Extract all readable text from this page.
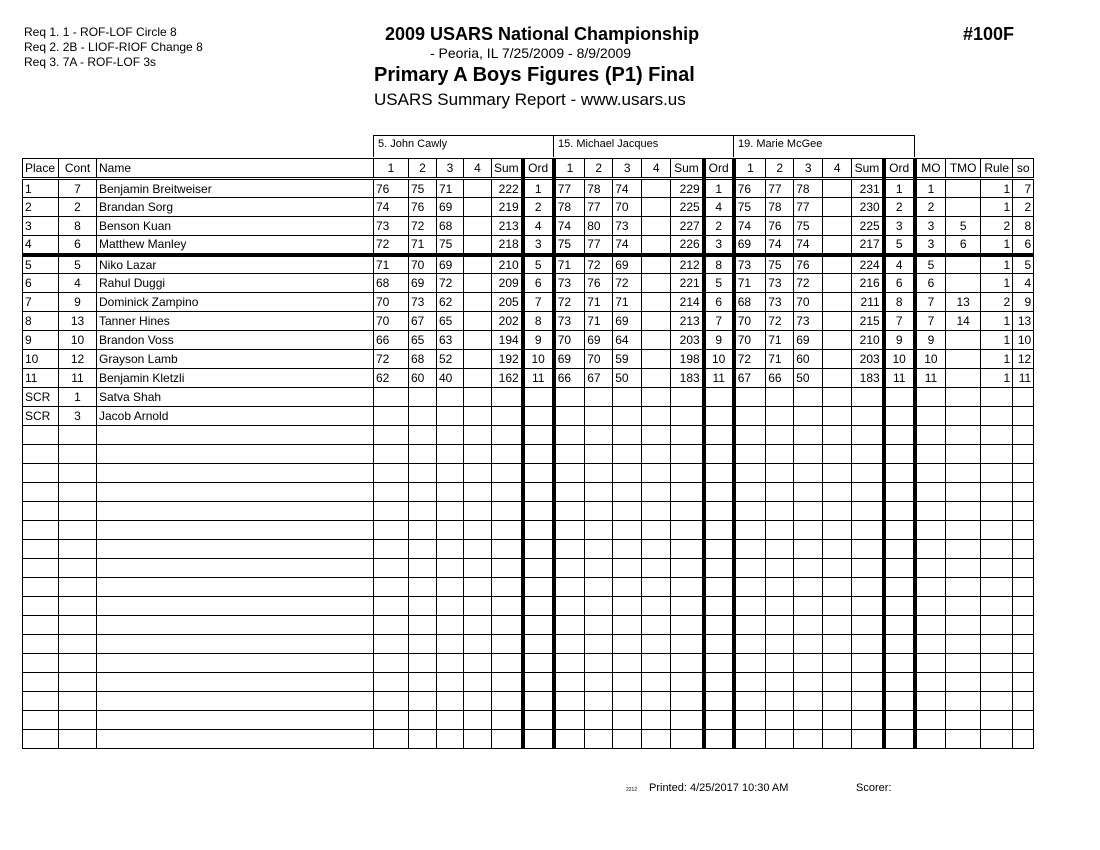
Req 1. 1 - ROF-LOF Circle 8
Req 2. 2B - LIOF-RIOF Change 8
Req 3. 7A - ROF-LOF 3s
2009 USARS National Championship
- Peoria, IL 7/25/2009 - 8/9/2009
Primary A Boys Figures (P1) Final
USARS Summary Report - www.usars.us
#100F
5. John Cawly	15. Michael Jacques	19. Marie McGee
Place	Cont	Name	1	2	3	4	Sum	Ord	1	2	3	4	Sum	Ord	1	2	3	4	Sum	Ord	MO	TMO	Rule	so
1	7	Benjamin Breitweiser	76	75	71		222	1	77	78	74		229	1	76	77	78		231	1	1		1	7
2	2	Brandan Sorg	74	76	69		219	2	78	77	70		225	4	75	78	77		230	2	2		1	2
3	8	Benson Kuan	73	72	68		213	4	74	80	73		227	2	74	76	75		225	3	3	5	2	8
4	6	Matthew Manley	72	71	75		218	3	75	77	74		226	3	69	74	74		217	5	3	6	1	6
5	5	Niko Lazar	71	70	69		210	5	71	72	69		212	8	73	75	76		224	4	5		1	5
6	4	Rahul Duggi	68	69	72		209	6	73	76	72		221	5	71	73	72		216	6	6		1	4
7	9	Dominick Zampino	70	73	62		205	7	72	71	71		214	6	68	73	70		211	8	7	13	2	9
8	13	Tanner Hines	70	67	65		202	8	73	71	69		213	7	70	72	73		215	7	7	14	1	13
9	10	Brandon Voss	66	65	63		194	9	70	69	64		203	9	70	71	69		210	9	9		1	10
10	12	Grayson Lamb	72	68	52		192	10	69	70	59		198	10	72	71	60		203	10	10		1	12
11	11	Benjamin Kletzli	62	60	40		162	11	66	67	50		183	11	67	66	50		183	11	11		1	11
SCR	1	Satva Shah																						
SCR	3	Jacob Arnold																						

2212 Printed: 4/25/2017 10:30 AM	Scorer:
